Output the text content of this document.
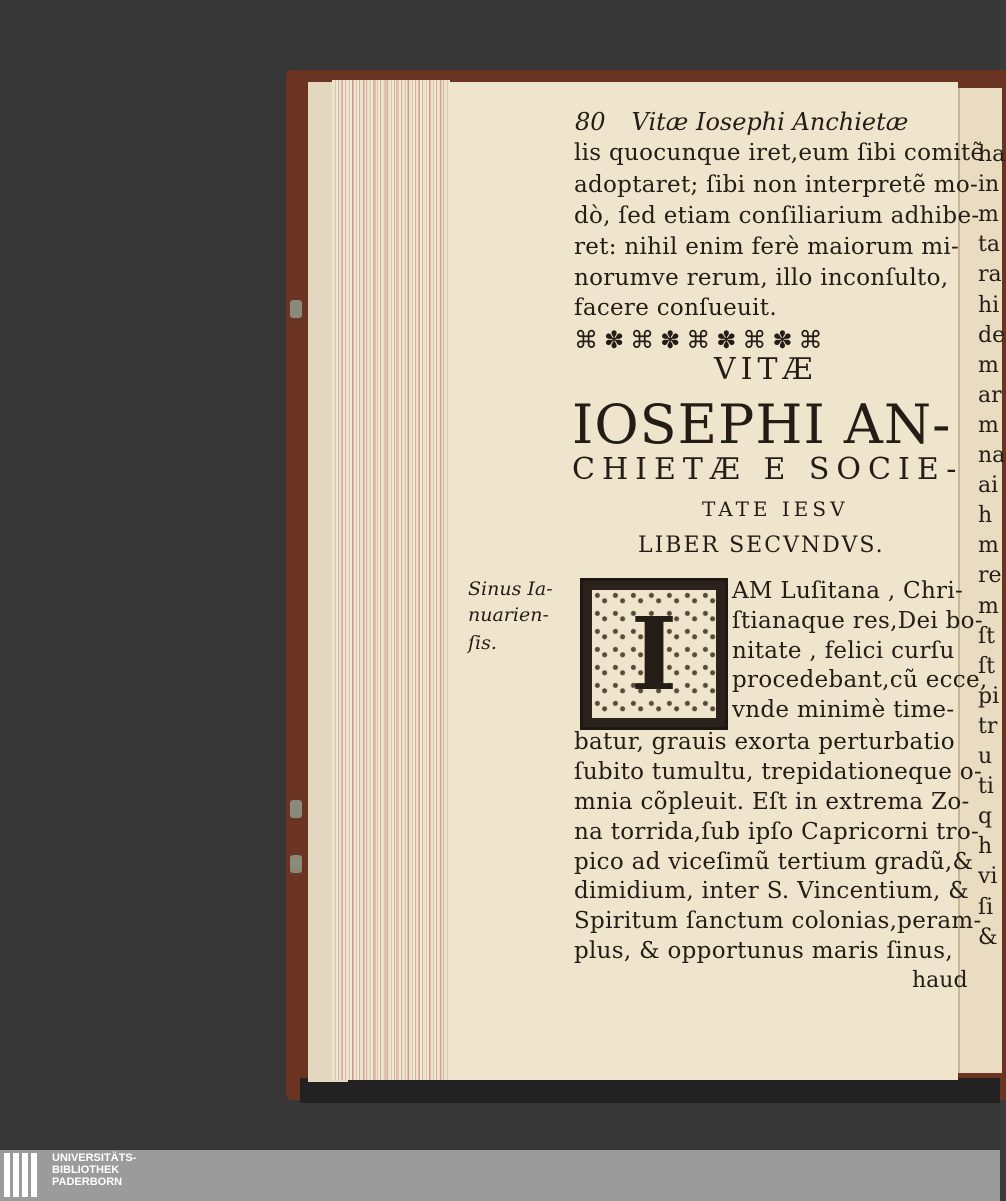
80 Vitæ Iosephi Anchietæ
lis quocunque iret,eum ſibi comitẽ
adoptaret; ſibi non interpretẽ mo-
dò, ſed etiam conſiliarium adhibe-
ret: nihil enim ferè maiorum mi-
norumve rerum, illo inconſulto,
facere conſueuit.
⌘✽⌘✽⌘✽⌘✽⌘
VITÆ
IOSEPHI AN-
CHIETÆ E SOCIE-
TATE IESV
LIBER SECVNDVS.
Sinus Ia-
nuarien-
ſis.	I
AM Luſitana , Chri-
ſtianaque res,Dei bo-
nitate , felici curſu
procedebant,cũ ecce,
vnde minimè time-
batur, grauis exorta perturbatio
ſubito tumultu, trepidationeque o-
mnia cõpleuit. Eſt in extrema Zo-
na torrida,ſub ipſo Capricorni tro-
pico ad viceſimũ tertium gradũ,&
dimidium, inter S. Vincentium, &
Spiritum ſanctum colonias,peram-
plus, & opportunus maris ſinus,
haud
ha
in
m
ta
ra
hi
de
m
ar
m
na
ai
h
m
re
m
ſt
ſt
pi
tr
u
ti
q
h
vi
ſi
&
UNIVERSITÄTS-
BIBLIOTHEK
PADERBORN
